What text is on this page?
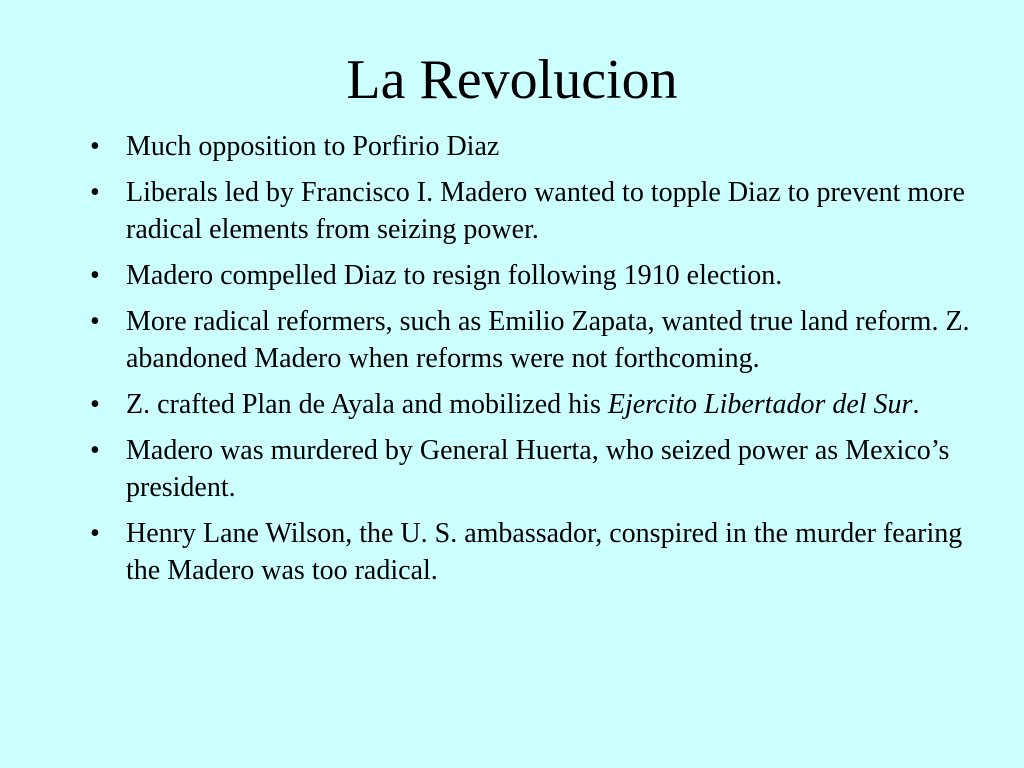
La Revolucion
• Much opposition to Porfirio Diaz
• Liberals led by Francisco I. Madero wanted to topple Diaz to prevent more radical elements from seizing power.
• Madero compelled Diaz to resign following 1910 election.
• More radical reformers, such as Emilio Zapata, wanted true land reform. Z. abandoned Madero when reforms were not forthcoming.
• Z. crafted Plan de Ayala and mobilized his Ejercito Libertador del Sur.
• Madero was murdered by General Huerta, who seized power as Mexico’s president.
• Henry Lane Wilson, the U. S. ambassador, conspired in the murder fearing the Madero was too radical.
